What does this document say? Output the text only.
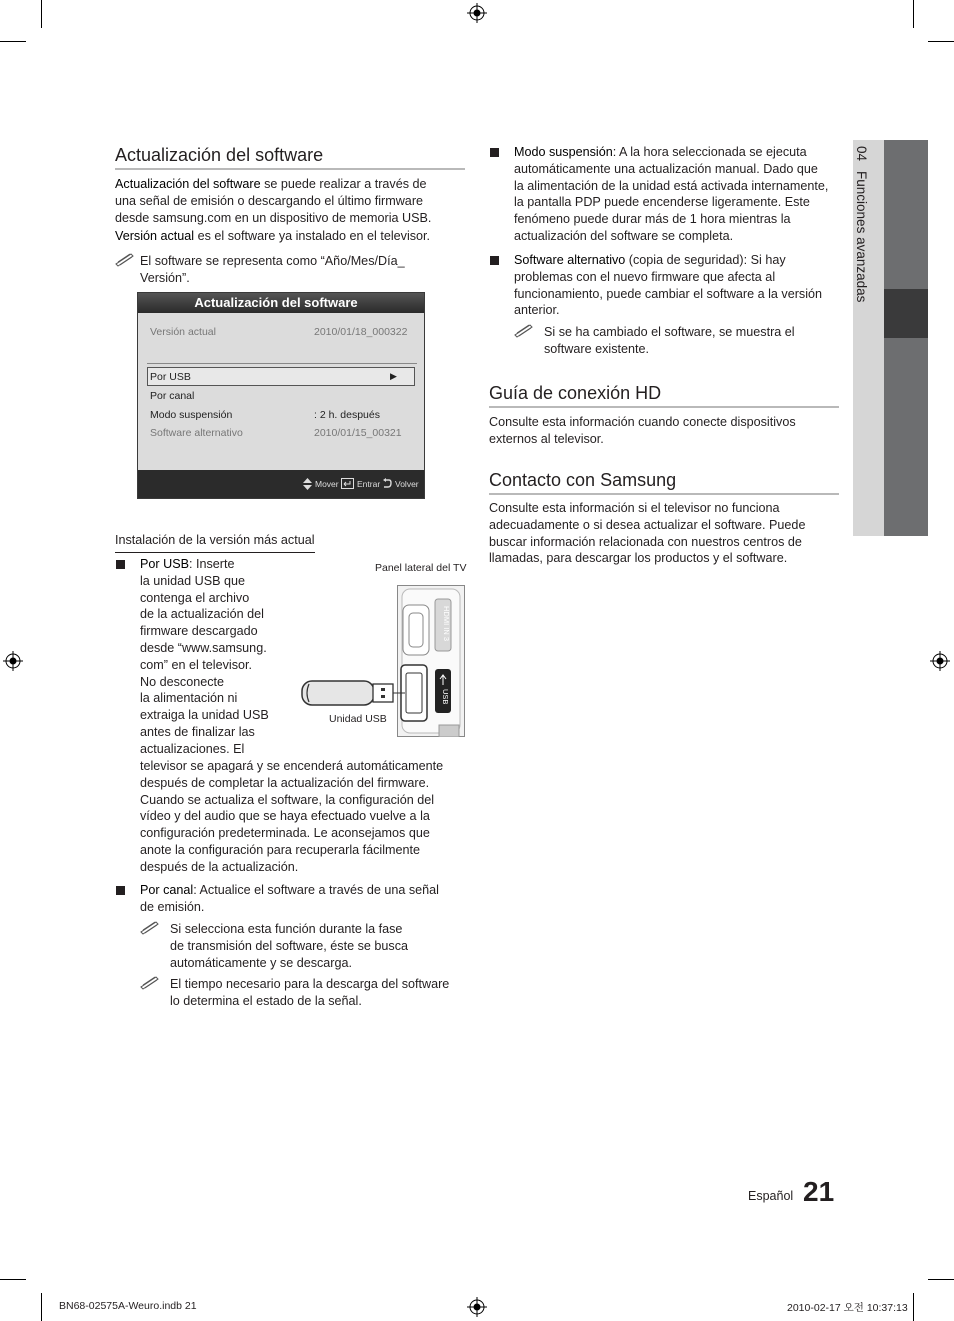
04Funciones avanzadas
Actualización del software
Actualización del software se puede realizar a través de
una señal de emisión o descargando el último firmware
desde samsung.com en un dispositivo de memoria USB.
Versión actual es el software ya instalado en el televisor.
El software se representa como “Año/Mes/Día_
Versión”.
Actualización del software
Versión actual	2010/01/18_000322
Por USB	▶
Por canal
Modo suspensión	: 2 h. después
Software alternativo	2010/01/15_00321
Mover Entrar Volver
Instalación de la versión más actual
Por USB: Inserte
la unidad USB que
contenga el archivo
de la actualización del
firmware descargado
desde “www.samsung.
com” en el televisor.
No desconecte
la alimentación ni
extraiga la unidad USB
antes de finalizar las
actualizaciones. El
televisor se apagará y se encenderá automáticamente
después de completar la actualización del firmware.
Cuando se actualiza el software, la configuración del
vídeo y del audio que se haya efectuado vuelve a la
configuración predeterminada. Le aconsejamos que
anote la configuración para recuperarla fácilmente
después de la actualización.
Panel lateral del TV
HDMI IN 3
USB
Unidad USB
Por canal: Actualice el software a través de una señal
de emisión.
Si selecciona esta función durante la fase
de transmisión del software, éste se busca
automáticamente y se descarga.
El tiempo necesario para la descarga del software
lo determina el estado de la señal.
Modo suspensión: A la hora seleccionada se ejecuta
automáticamente una actualización manual. Dado que
la alimentación de la unidad está activada internamente,
la pantalla PDP puede encenderse ligeramente. Este
fenómeno puede durar más de 1 hora mientras la
actualización del software se completa.
Software alternativo (copia de seguridad): Si hay
problemas con el nuevo firmware que afecta al
funcionamiento, puede cambiar el software a la versión
anterior.
Si se ha cambiado el software, se muestra el
software existente.
Guía de conexión HD
Consulte esta información cuando conecte dispositivos
externos al televisor.
Contacto con Samsung
Consulte esta información si el televisor no funciona
adecuadamente o si desea actualizar el software. Puede
buscar información relacionada con nuestros centros de
llamadas, para descargar los productos y el software.
Español 21
BN68-02575A-Weuro.indb 21	2010-02-17 오전 10:37:13
